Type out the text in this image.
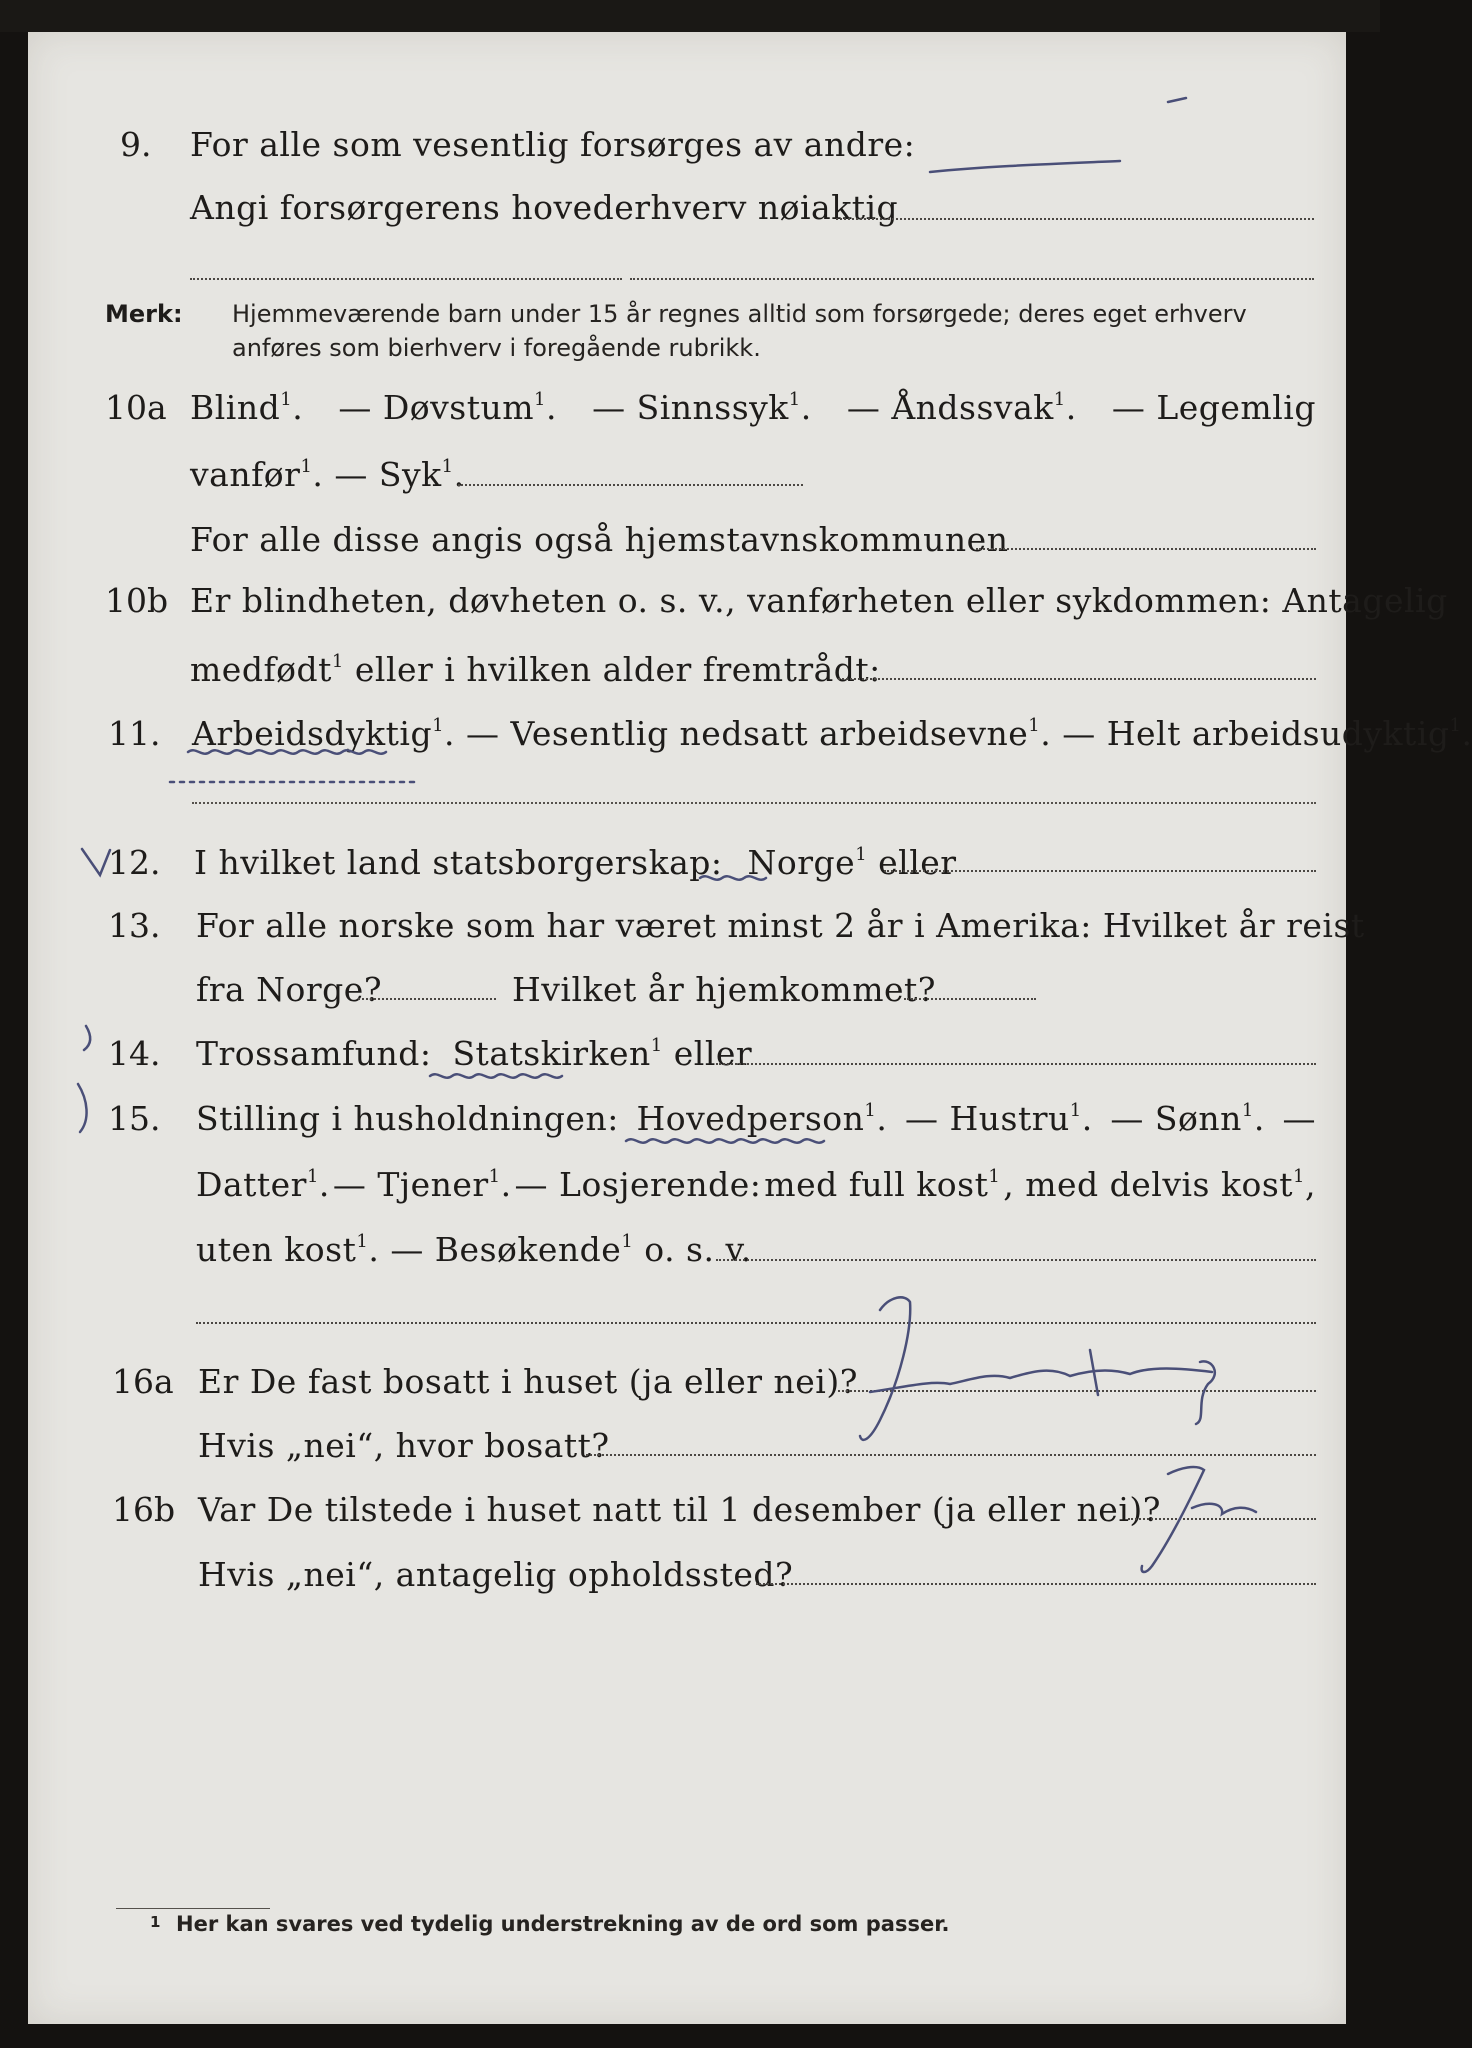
9. For alle som vesentlig forsørges av andre:
Angi forsørgerens hovederhverv nøiaktig
Merk: Hjemmeværende barn under 15 år regnes alltid som forsørgede; deres eget erhverv
anføres som bierhverv i foregående rubrikk.
10a Blind$^1$. — Døvstum$^1$. — Sinnssyk$^1$. — Åndssvak$^1$. — Legemlig
vanfør$^1$. — Syk$^1$.
For alle disse angis også hjemstavnskommunen
10b Er blindheten, døvheten o. s. v., vanførheten eller sykdommen: Antagelig
medfødt$^1$ eller i hvilken alder fremtrådt:
11. Arbeidsdyktig$^1$. — Vesentlig nedsatt arbeidsevne$^1$. — Helt arbeidsudyktig$^1$.
12. I hvilket land statsborgerskap: Norge$^1$ eller
13. For alle norske som har været minst 2 år i Amerika: Hvilket år reist
fra Norge?	Hvilket år hjemkommet?
14. Trossamfund: Statskirken$^1$ eller
15. Stilling i husholdningen: Hovedperson$^1$. — Hustru$^1$. — Sønn$^1$. —
Datter$^1$. — Tjener$^1$. — Losjerende: med full kost$^1$ , med delvis kost$^1$,
uten kost$^1$. — Besøkende$^1$ o. s. v.
16a Er De fast bosatt i huset (ja eller nei)?
Hvis „nei“, hvor bosatt?
16b Var De tilstede i huset natt til 1 desember (ja eller nei)?
Hvis „nei“, antagelig opholdssted?
1 Her kan svares ved tydelig understrekning av de ord som passer.
